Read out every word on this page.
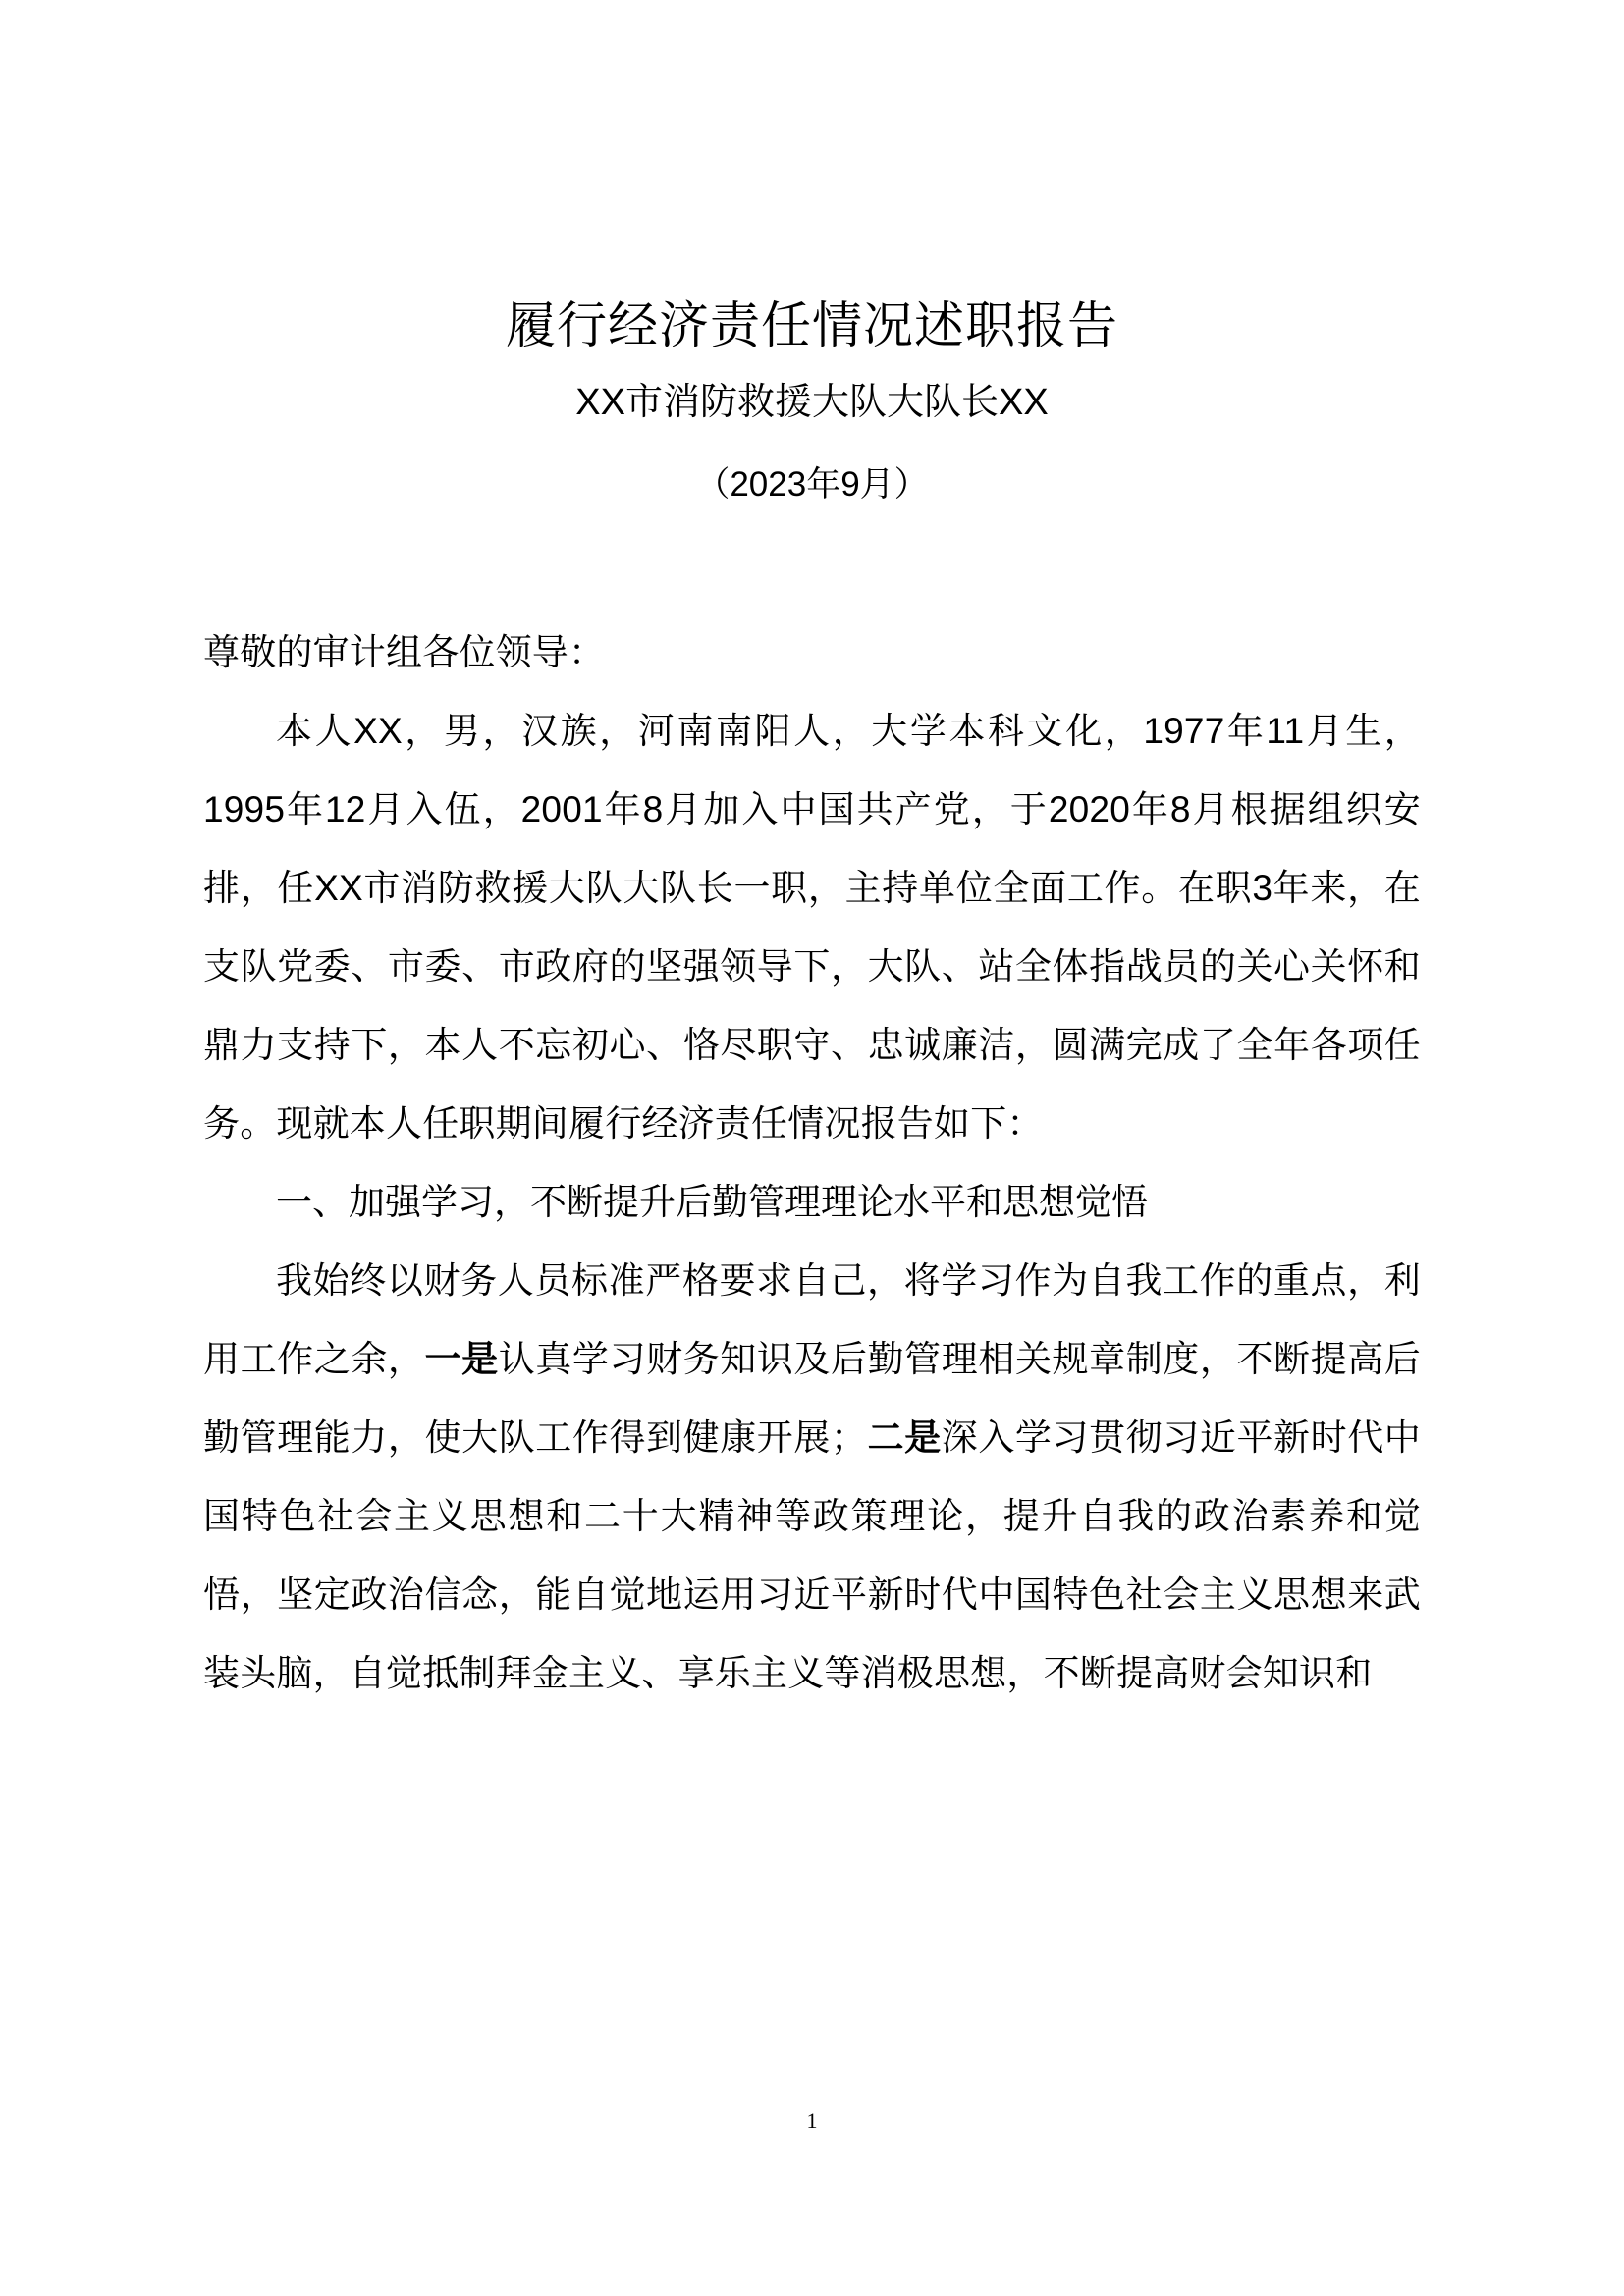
履行经济责任情况述职报告
XX市消防救援大队大队长XX
（2023年9月）

尊敬的审计组各位领导：

本人XX，男，汉族，河南南阳人，大学本科文化，1977年11月生，1995年12月入伍，2001年8月加入中国共产党，于2020年8月根据组织安排，任XX市消防救援大队大队长一职，主持单位全面工作。在职3年来，在支队党委、市委、市政府的坚强领导下，大队、站全体指战员的关心关怀和鼎力支持下，本人不忘初心、恪尽职守、忠诚廉洁，圆满完成了全年各项任务。现就本人任职期间履行经济责任情况报告如下：

一、加强学习，不断提升后勤管理理论水平和思想觉悟

我始终以财务人员标准严格要求自己，将学习作为自我工作的重点，利用工作之余，一是认真学习财务知识及后勤管理相关规章制度，不断提高后勤管理能力，使大队工作得到健康开展；二是深入学习贯彻习近平新时代中国特色社会主义思想和二十大精神等政策理论，提升自我的政治素养和觉悟，坚定政治信念，能自觉地运用习近平新时代中国特色社会主义思想来武装头脑，自觉抵制拜金主义、享乐主义等消极思想，不断提高财会知识和

1
